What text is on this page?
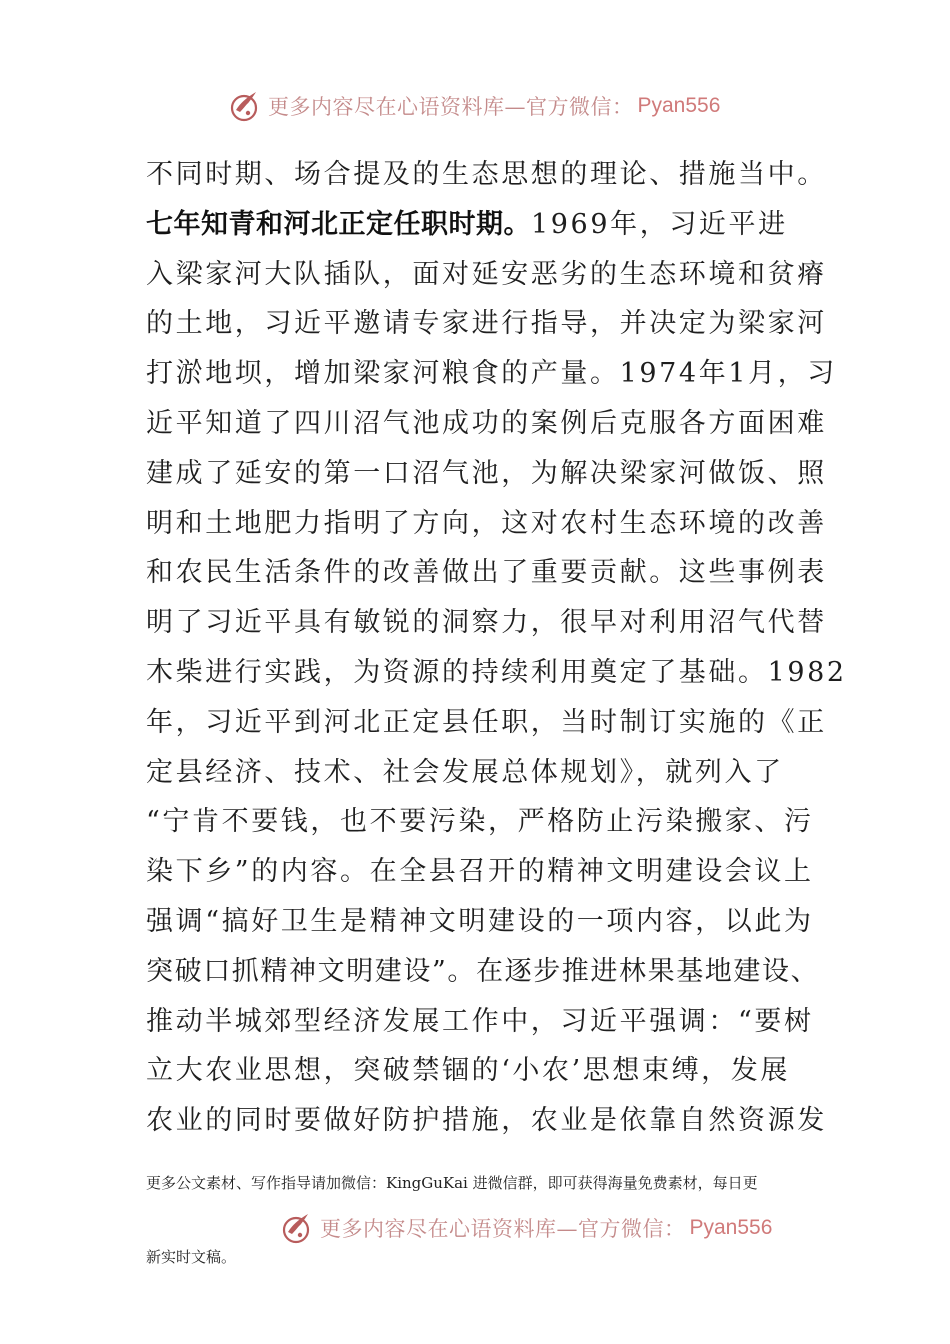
更多内容尽在心语资料库—官方微信： Pyan556
不同时期、场合提及的生态思想的理论、措施当中。
七年知青和河北正定任职时期。1969年，习近平进
入梁家河大队插队，面对延安恶劣的生态环境和贫瘠
的土地，习近平邀请专家进行指导，并决定为梁家河
打淤地坝，增加梁家河粮食的产量。1974年1月，习
近平知道了四川沼气池成功的案例后克服各方面困难
建成了延安的第一口沼气池，为解决梁家河做饭、照
明和土地肥力指明了方向，这对农村生态环境的改善
和农民生活条件的改善做出了重要贡献。这些事例表
明了习近平具有敏锐的洞察力，很早对利用沼气代替
木柴进行实践，为资源的持续利用奠定了基础。1982
年，习近平到河北正定县任职，当时制订实施的《正
定县经济、技术、社会发展总体规划》，就列入了
“宁肯不要钱，也不要污染，严格防止污染搬家、污
染下乡”的内容。在全县召开的精神文明建设会议上
强调“搞好卫生是精神文明建设的一项内容，以此为
突破口抓精神文明建设”。在逐步推进林果基地建设、
推动半城郊型经济发展工作中，习近平强调：“要树
立大农业思想，突破禁锢的‘小农’思想束缚，发展
农业的同时要做好防护措施，农业是依靠自然资源发
更多公文素材、写作指导请加微信：KingGuKai 进微信群，即可获得海量免费素材，每日更
更多内容尽在心语资料库—官方微信： Pyan556
新实时文稿。
